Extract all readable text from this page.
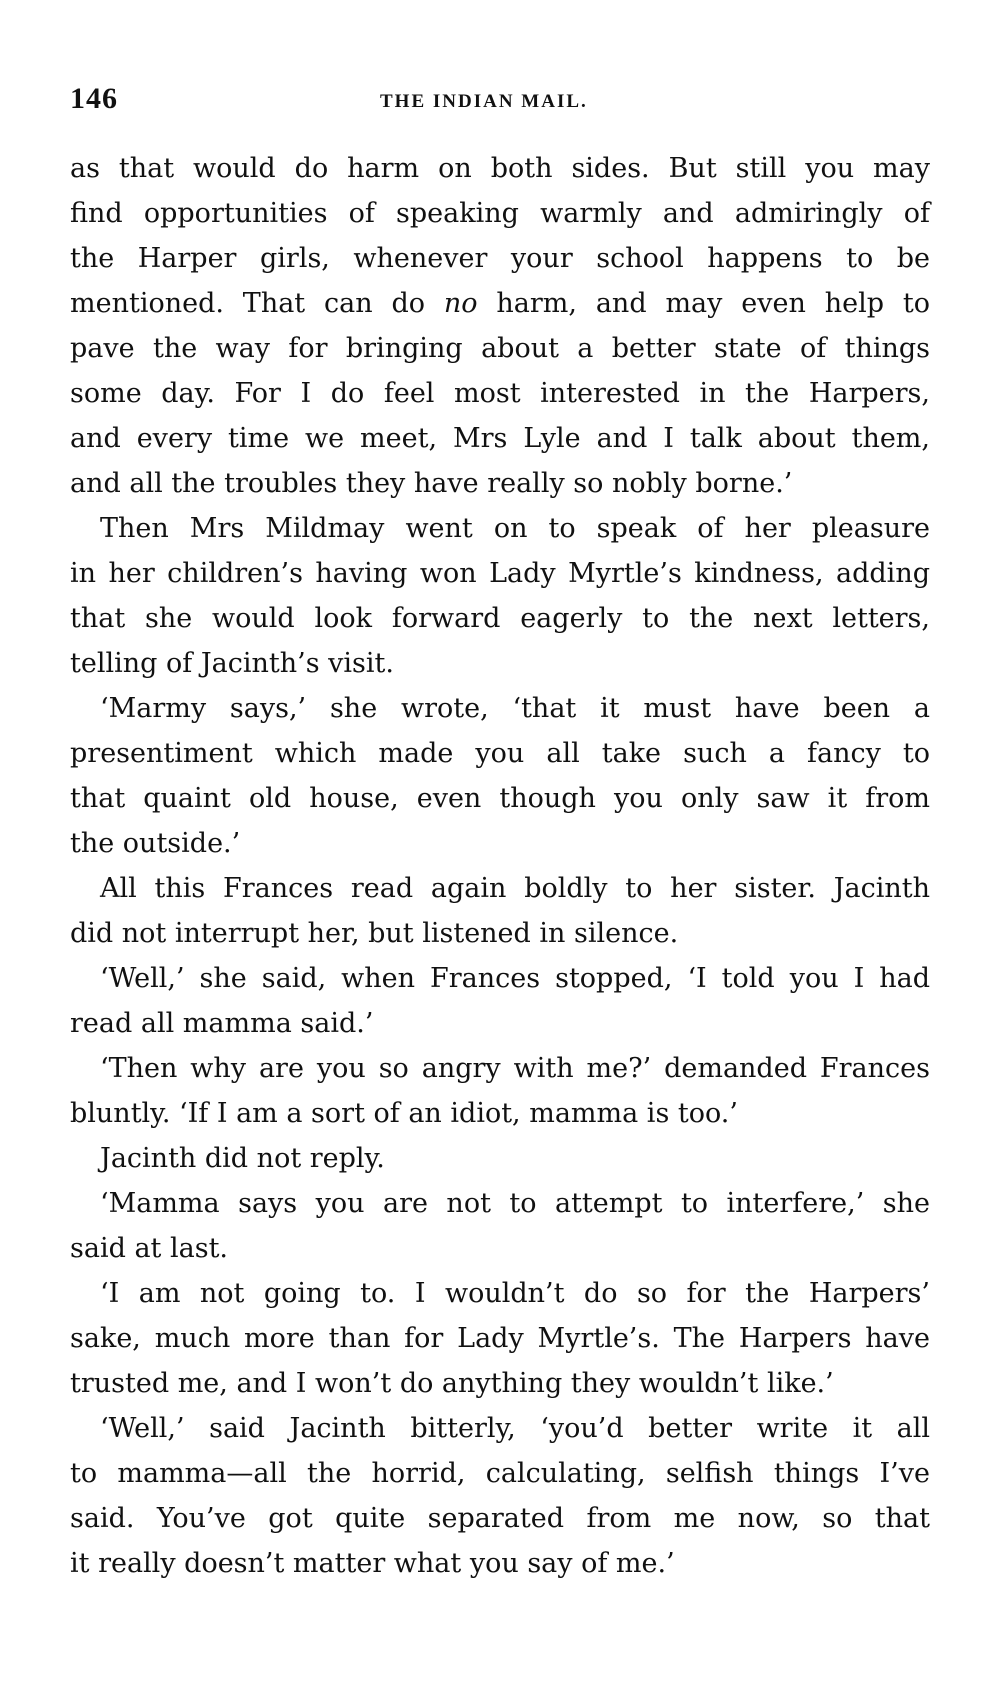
146	THE INDIAN MAIL.
as that would do harm on both sides. But still you may
find opportunities of speaking warmly and admiringly of
the Harper girls, whenever your school happens to be
mentioned. That can do no harm, and may even help to
pave the way for bringing about a better state of things
some day. For I do feel most interested in the Harpers,
and every time we meet, Mrs Lyle and I talk about them,
and all the troubles they have really so nobly borne.’
Then Mrs Mildmay went on to speak of her pleasure
in her children’s having won Lady Myrtle’s kindness, adding
that she would look forward eagerly to the next letters,
telling of Jacinth’s visit.
‘Marmy says,’ she wrote, ‘that it must have been a
presentiment which made you all take such a fancy to
that quaint old house, even though you only saw it from
the outside.’
All this Frances read again boldly to her sister. Jacinth
did not interrupt her, but listened in silence.
‘Well,’ she said, when Frances stopped, ‘I told you I had
read all mamma said.’
‘Then why are you so angry with me?’ demanded Frances
bluntly. ‘If I am a sort of an idiot, mamma is too.’
Jacinth did not reply.
‘Mamma says you are not to attempt to interfere,’ she
said at last.
‘I am not going to. I wouldn’t do so for the Harpers’
sake, much more than for Lady Myrtle’s. The Harpers have
trusted me, and I won’t do anything they wouldn’t like.’
‘Well,’ said Jacinth bitterly, ‘you’d better write it all
to mamma—all the horrid, calculating, selfish things I’ve
said. You’ve got quite separated from me now, so that
it really doesn’t matter what you say of me.’
